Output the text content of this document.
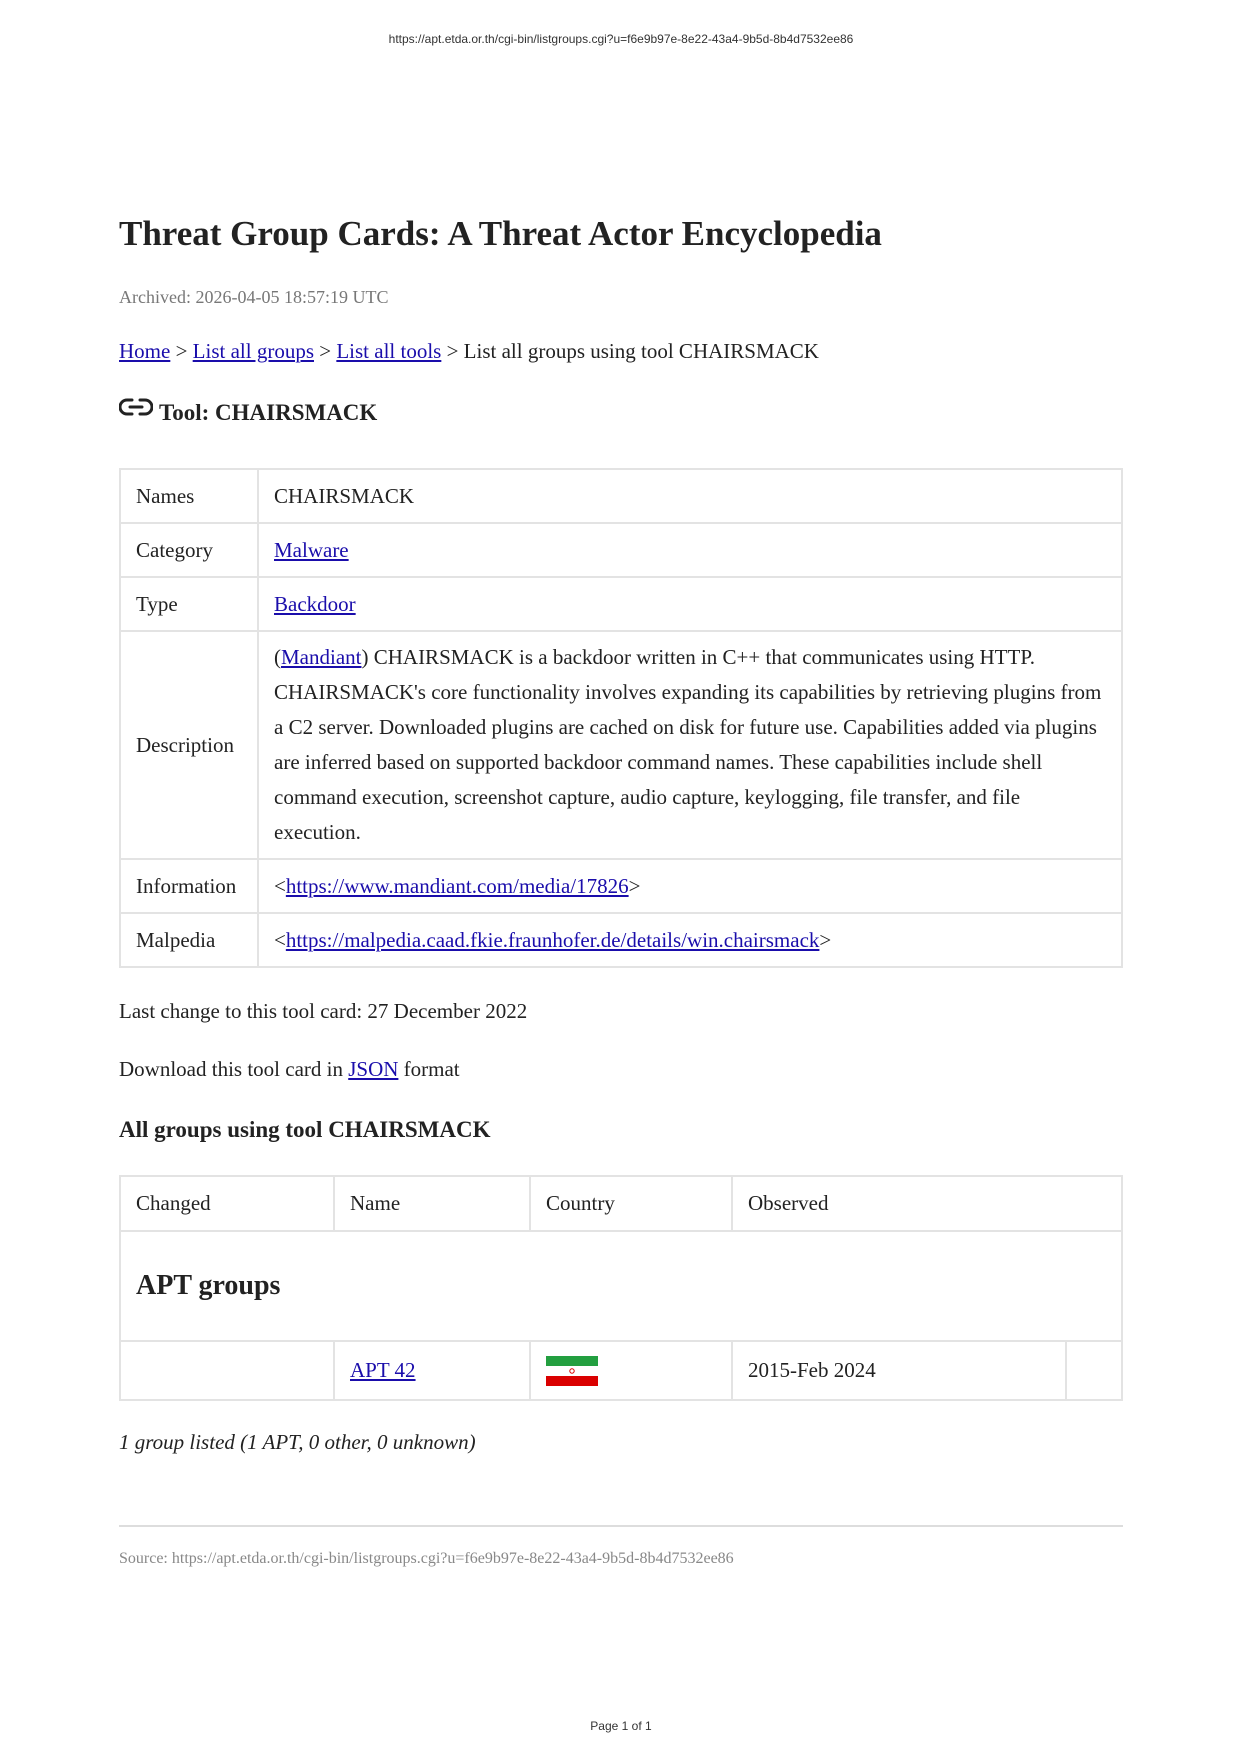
https://apt.etda.or.th/cgi-bin/listgroups.cgi?u=f6e9b97e-8e22-43a4-9b5d-8b4d7532ee86
Threat Group Cards: A Threat Actor Encyclopedia
Archived: 2026-04-05 18:57:19 UTC
Home > List all groups > List all tools > List all groups using tool CHAIRSMACK
Tool: CHAIRSMACK
Names	CHAIRSMACK
Category	Malware
Type	Backdoor
Description	(Mandiant) CHAIRSMACK is a backdoor written in C++ that communicates using HTTP. CHAIRSMACK's core functionality involves expanding its capabilities by retrieving plugins from a C2 server. Downloaded plugins are cached on disk for future use. Capabilities added via plugins are inferred based on supported backdoor command names. These capabilities include shell command execution, screenshot capture, audio capture, keylogging, file transfer, and file execution.
Information	<https://www.mandiant.com/media/17826>
Malpedia	<https://malpedia.caad.fkie.fraunhofer.de/details/win.chairsmack>
Last change to this tool card: 27 December 2022
Download this tool card in JSON format
All groups using tool CHAIRSMACK
Changed	Name	Country	Observed	
APT groups				
	APT 42		2015-Feb 2024	
1 group listed (1 APT, 0 other, 0 unknown)
Source: https://apt.etda.or.th/cgi-bin/listgroups.cgi?u=f6e9b97e-8e22-43a4-9b5d-8b4d7532ee86
Page 1 of 1
